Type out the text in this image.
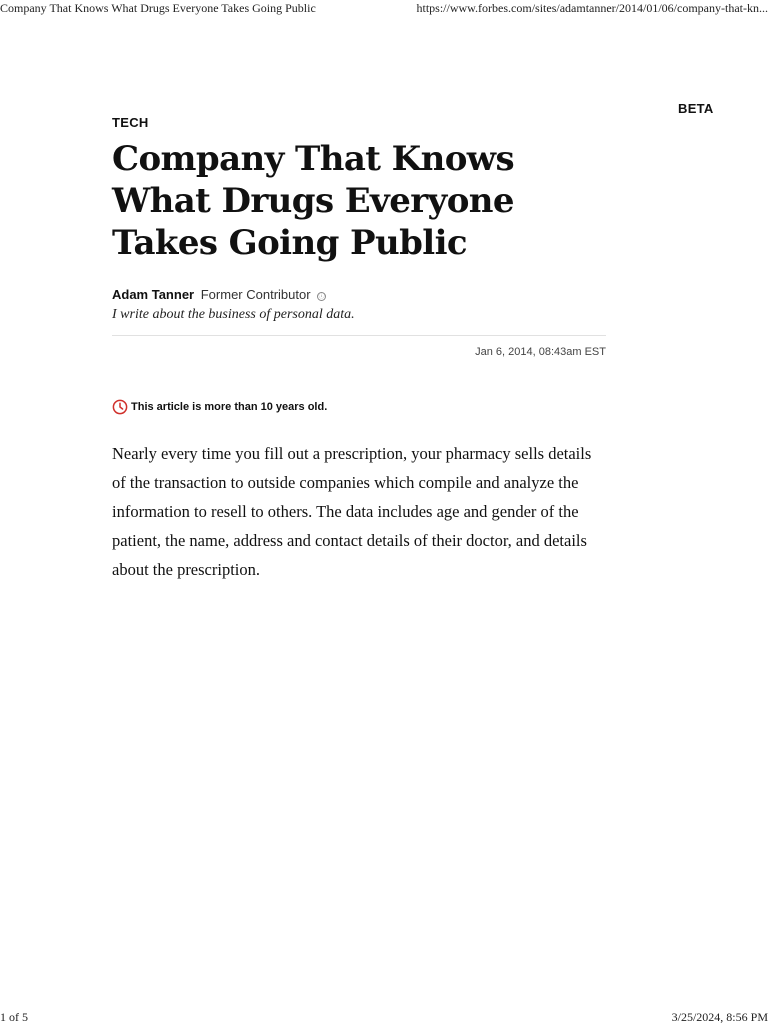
Company That Knows What Drugs Everyone Takes Going Public	https://www.forbes.com/sites/adamtanner/2014/01/06/company-that-kn...
BETA
TECH
Company That Knows What Drugs Everyone Takes Going Public
Adam Tanner Former Contributor ⓘ
I write about the business of personal data.
Jan 6, 2014, 08:43am EST
This article is more than 10 years old.

Nearly every time you fill out a prescription, your pharmacy sells details of the transaction to outside companies which compile and analyze the information to resell to others. The data includes age and gender of the patient, the name, address and contact details of their doctor, and details about the prescription.

1 of 5	3/25/2024, 8:56 PM
